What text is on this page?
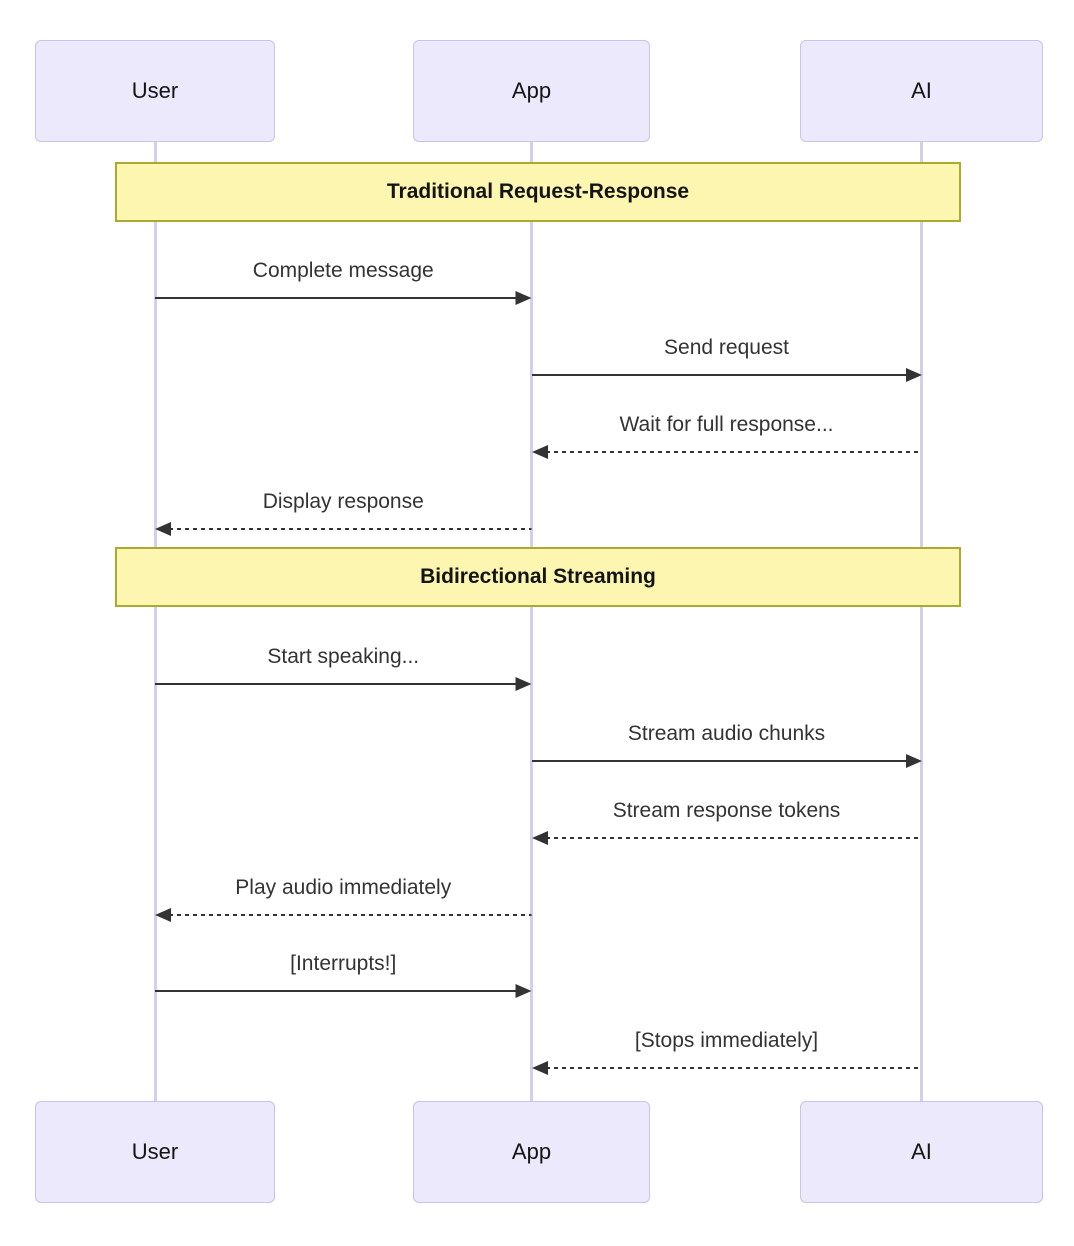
Traditional Request-Response
Bidirectional Streaming
Complete message
Send request
Wait for full response...
Display response
Start speaking...
Stream audio chunks
Stream response tokens
Play audio immediately
[Interrupts!]
[Stops immediately]
User	App	AI
User	App	AI
